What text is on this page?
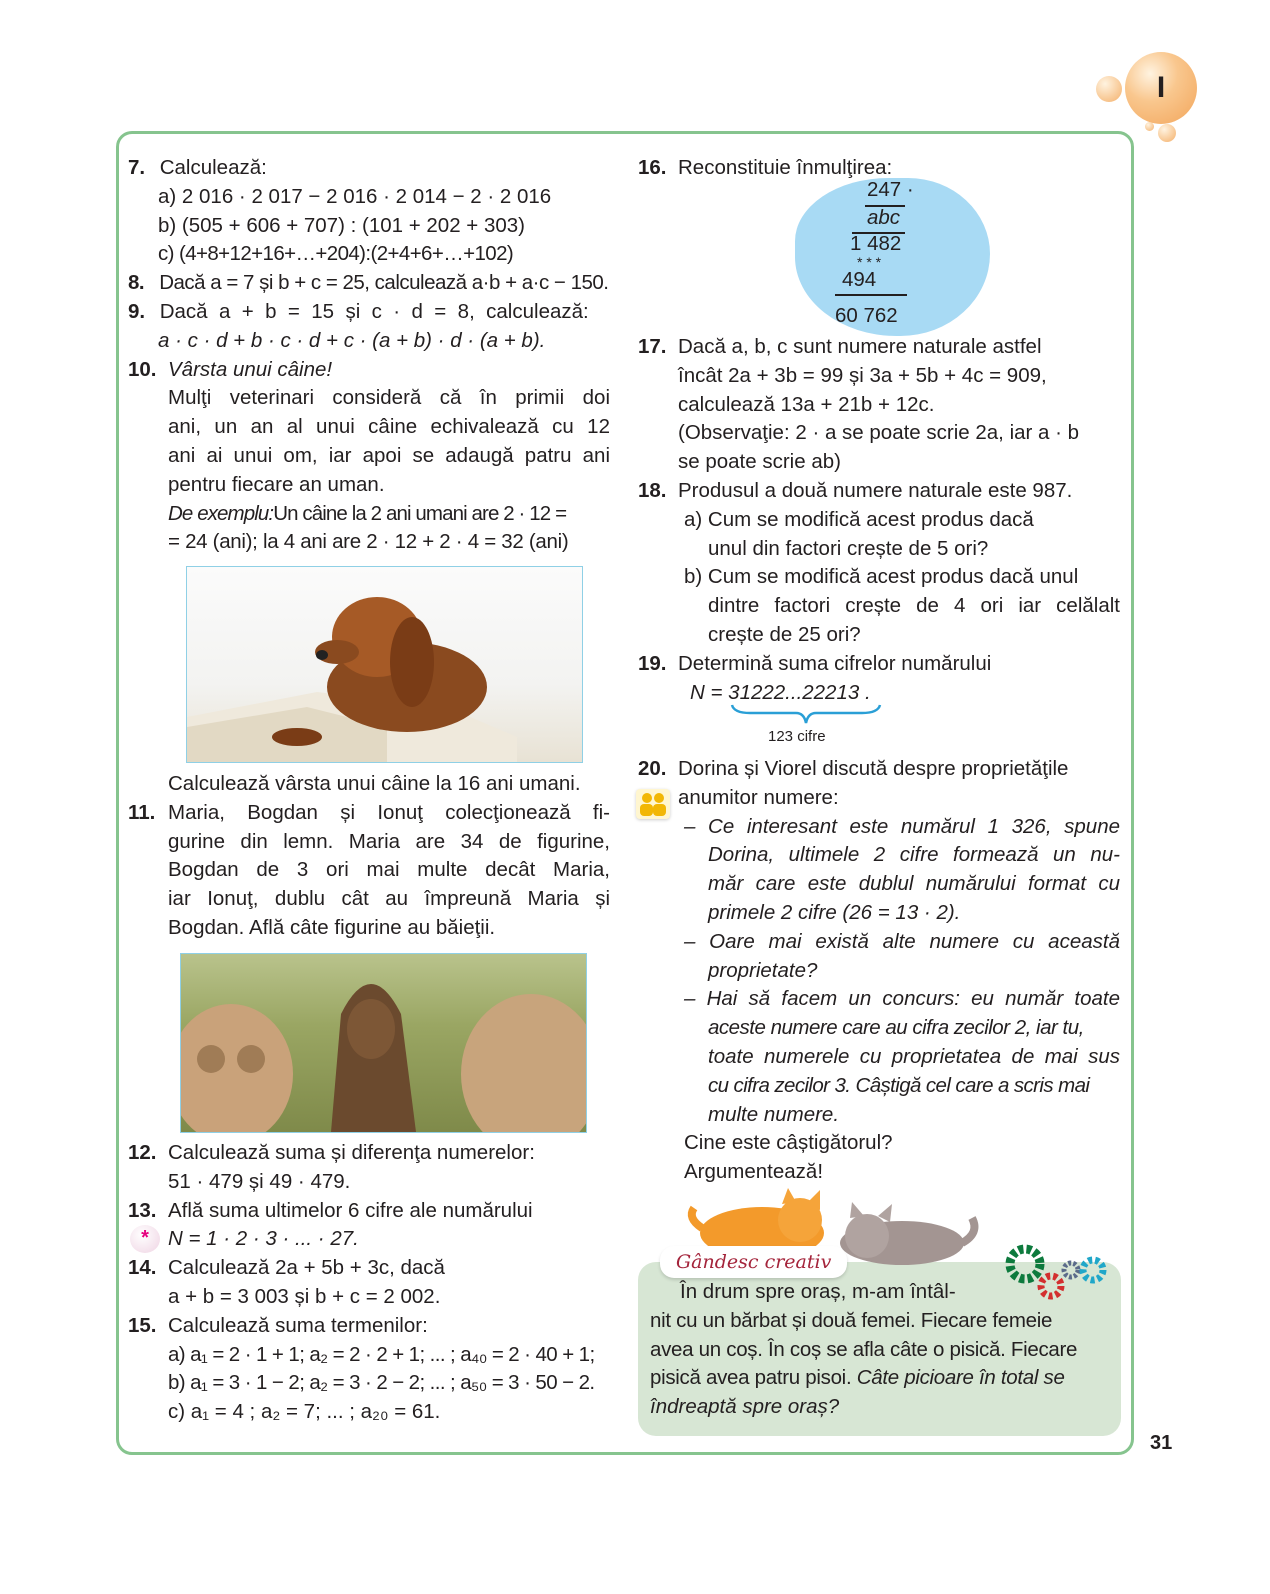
I
7. Calculează:
a) 2 016 · 2 017 − 2 016 · 2 014 − 2 · 2 016
b) (505 + 606 + 707) : (101 + 202 + 303)
c) (4+8+12+16+…+204):(2+4+6+…+102)
8. Dacă a = 7 și b + c = 25, calculează a·b + a·c − 150.
9. Dacă  a  +  b  =  15  și  c  ·  d  =  8,  calculează:
a · c · d + b · c · d + c · (a + b) · d · (a + b).
10. Vârsta unui câine!
Mulţi veterinari consideră că în primii doi
ani, un an al unui câine echivalează cu 12
ani ai unui om, iar apoi se adaugă patru ani
pentru fiecare an uman.
De exemplu:Un câine la 2 ani umani are 2 · 12 =
= 24 (ani); la 4 ani are 2 · 12 + 2 · 4 = 32 (ani)
Calculează vârsta unui câine la 16 ani umani.
11. Maria, Bogdan și Ionuţ colecţionează fi-
gurine din lemn. Maria are 34 de figurine,
Bogdan de 3 ori mai multe decât Maria,
iar Ionuţ, dublu cât au împreună Maria și
Bogdan. Află câte figurine au băieţii.
12. Calculează suma și diferenţa numerelor:
51 · 479 și 49 · 479.
13. Află suma ultimelor 6 cifre ale numărului
N = 1 · 2 · 3 · ... · 27.
14. Calculează 2a + 5b + 3c, dacă
a + b = 3 003 și b + c = 2 002.
15. Calculează suma termenilor:
a) a₁ = 2 · 1 + 1; a₂ = 2 · 2 + 1; ... ; a₄₀ = 2 · 40 + 1;
b) a₁ = 3 · 1 − 2; a₂ = 3 · 2 − 2; ... ; a₅₀ = 3 · 50 − 2.
c) a₁ = 4 ; a₂ = 7; ... ; a₂₀ = 61.
*
16. Reconstituie înmulţirea:
247 ·
abc
1 482
* * *
494
60 762
17. Dacă a, b, c sunt numere naturale astfel
încât 2a + 3b = 99 și 3a + 5b + 4c = 909,
calculează 13a + 21b + 12c.
(Observaţie: 2 · a se poate scrie 2a, iar a · b
se poate scrie ab)
18. Produsul a două numere naturale este 987.
a) Cum se modifică acest produs dacă
unul din factori crește de 5 ori?
b) Cum se modifică acest produs dacă unul
dintre factori crește de 4 ori iar celălalt
crește de 25 ori?
19. Determină suma cifrelor numărului
N = 31222...22213 .
123 cifre
20. Dorina și Viorel discută despre proprietăţile
anumitor numere:
– Ce interesant este numărul 1 326, spune
Dorina, ultimele 2 cifre formează un nu-
măr care este dublul numărului format cu
primele 2 cifre (26 = 13 · 2).
– Oare mai există alte numere cu această
proprietate?
– Hai să facem un concurs: eu număr toate
aceste numere care au cifra zecilor 2, iar tu,
toate numerele cu proprietatea de mai sus
cu cifra zecilor 3. Câștigă cel care a scris mai
multe numere.
Cine este câștigătorul?
Argumentează!
În drum spre oraș, m-am întâl-
nit cu un bărbat și două femei. Fiecare femeie
avea un coș. În coș se afla câte o pisică. Fiecare
pisică avea patru pisoi. Câte picioare în total se
îndreaptă spre oraș?
Gândesc creativ
31
